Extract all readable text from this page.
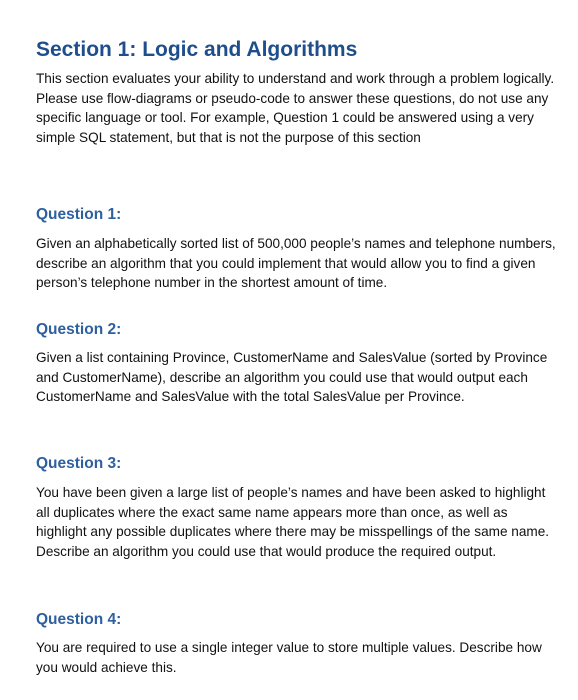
Section 1: Logic and Algorithms

This section evaluates your ability to understand and work through a problem logically. Please use flow-diagrams or pseudo-code to answer these questions, do not use any specific language or tool. For example, Question 1 could be answered using a very simple SQL statement, but that is not the purpose of this section

Question 1:

Given an alphabetically sorted list of 500,000 people’s names and telephone numbers, describe an algorithm that you could implement that would allow you to find a given person’s telephone number in the shortest amount of time.

Question 2:

Given a list containing Province, CustomerName and SalesValue (sorted by Province and CustomerName), describe an algorithm you could use that would output each CustomerName and SalesValue with the total SalesValue per Province.

Question 3:

You have been given a large list of people’s names and have been asked to highlight all duplicates where the exact same name appears more than once, as well as highlight any possible duplicates where there may be misspellings of the same name. Describe an algorithm you could use that would produce the required output.

Question 4:

You are required to use a single integer value to store multiple values. Describe how you would achieve this.
